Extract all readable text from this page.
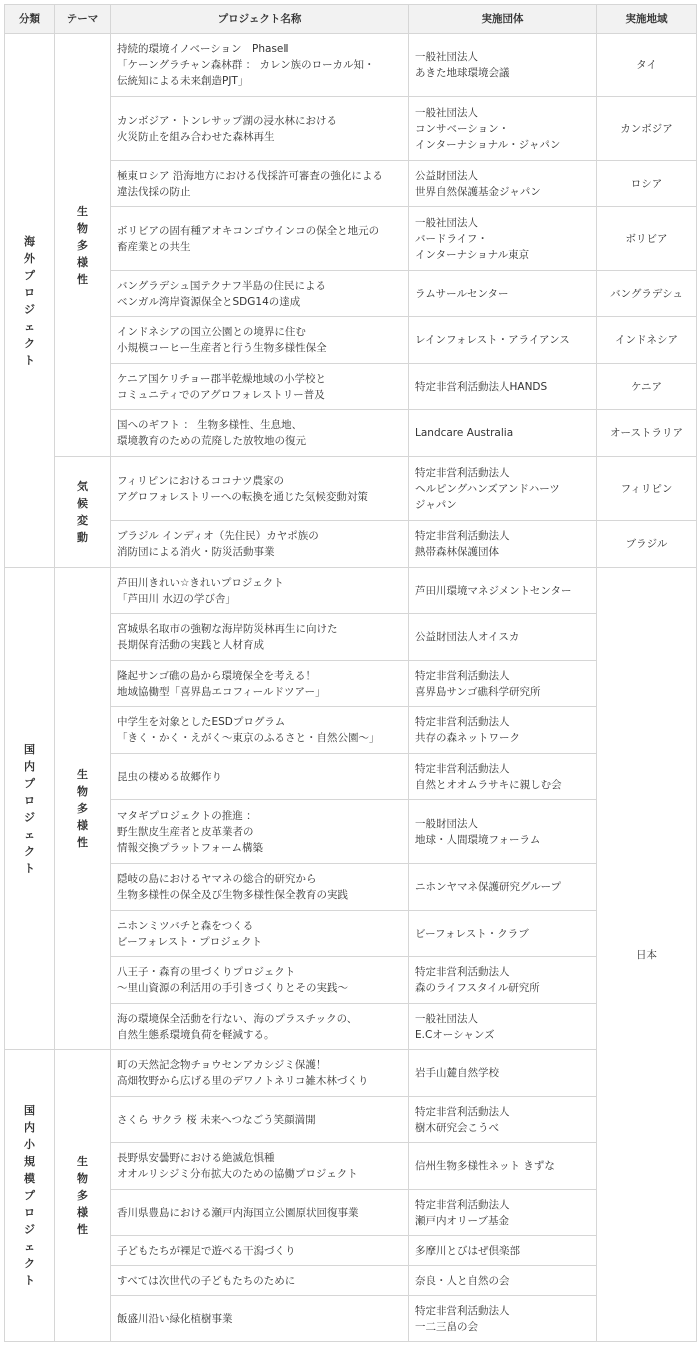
分類	テーマ	プロジェクト名称	実施団体	実施地域
海外プロジェクト	生物多様性	持続的環境イノベーション　PhaseⅡ
「ケーングラチャン森林群 ： カレン族のローカル知・
伝統知による未来創造PJT」	一般社団法人
あきた地球環境会議	タイ
		カンボジア・トンレサップ湖の浸水林における
火災防止を組み合わせた森林再生	一般社団法人
コンサベーション・
インターナショナル・ジャパン	カンボジア
		極東ロシア 沿海地方における伐採許可審査の強化による
違法伐採の防止	公益財団法人
世界自然保護基金ジャパン	ロシア
		ボリビアの固有種アオキコンゴウインコの保全と地元の
畜産業との共生	一般社団法人
バードライフ・
インターナショナル東京	ボリビア
		バングラデシュ国テクナフ半島の住民による
ベンガル湾岸資源保全とSDG14の達成	ラムサールセンター	バングラデシュ
		インドネシアの国立公園との境界に住む
小規模コーヒー生産者と行う生物多様性保全	レインフォレスト・アライアンス	インドネシア
		ケニア国ケリチョー郡半乾燥地域の小学校と
コミュニティでのアグロフォレストリー普及	特定非営利活動法人HANDS	ケニア
		国へのギフト ： 生物多様性、生息地、
環境教育のための荒廃した放牧地の復元	Landcare Australia	オーストラリア
	気候変動	フィリピンにおけるココナツ農家の
アグロフォレストリーへの転換を通じた気候変動対策	特定非営利活動法人
ヘルピングハンズアンドハーツ
ジャパン	フィリピン
		ブラジル インディオ（先住民）カヤポ族の
消防団による消火・防災活動事業	特定非営利活動法人
熱帯森林保護団体	ブラジル
国内プロジェクト	生物多様性	芦田川きれい☆きれいプロジェクト
「芦田川 水辺の学び舎」	芦田川環境マネジメントセンター	日本
		宮城県名取市の強靭な海岸防災林再生に向けた
長期保育活動の実践と人材育成	公益財団法人オイスカ	
		隆起サンゴ礁の島から環境保全を考える！
地域協働型「喜界島エコフィールドツアー」	特定非営利活動法人
喜界島サンゴ礁科学研究所	
		中学生を対象としたESDプログラム
「きく・かく・えがく～東京のふるさと・自然公園～」	特定非営利活動法人
共存の森ネットワーク	
		昆虫の棲める故郷作り	特定非営利活動法人
自然とオオムラサキに親しむ会	
		マタギプロジェクトの推進 ：
野生獣皮生産者と皮革業者の
情報交換プラットフォーム構築	一般財団法人
地球・人間環境フォーラム	
		隠岐の島におけるヤマネの総合的研究から
生物多様性の保全及び生物多様性保全教育の実践	ニホンヤマネ保護研究グループ	
		ニホンミツバチと森をつくる
ビーフォレスト・プロジェクト	ビーフォレスト・クラブ	
		八王子・森育の里づくりプロジェクト
～里山資源の利活用の手引きづくりとその実践～	特定非営利活動法人
森のライフスタイル研究所	
		海の環境保全活動を行ない、海のプラスチックの、
自然生態系環境負荷を軽減する。	一般社団法人
E.Cオーシャンズ	
国内小規模プロジェクト	生物多様性	町の天然記念物チョウセンアカシジミ保護！
高畑牧野から広げる里のデワノトネリコ雑木林づくり	岩手山麓自然学校	
		さくら サクラ 桜 未来へつなごう笑顔満開	特定非営利活動法人
樹木研究会こうべ	
		長野県安曇野における絶滅危惧種
オオルリシジミ分布拡大のための協働プロジェクト	信州生物多様性ネット きずな	
		香川県豊島における瀬戸内海国立公園原状回復事業	特定非営利活動法人
瀬戸内オリーブ基金	
		子どもたちが裸足で遊べる干潟づくり	多摩川とびはぜ倶楽部	
		すべては次世代の子どもたちのために	奈良・人と自然の会	
		飯盛川沿い緑化植樹事業	特定非営利活動法人
一二三畠の会	
